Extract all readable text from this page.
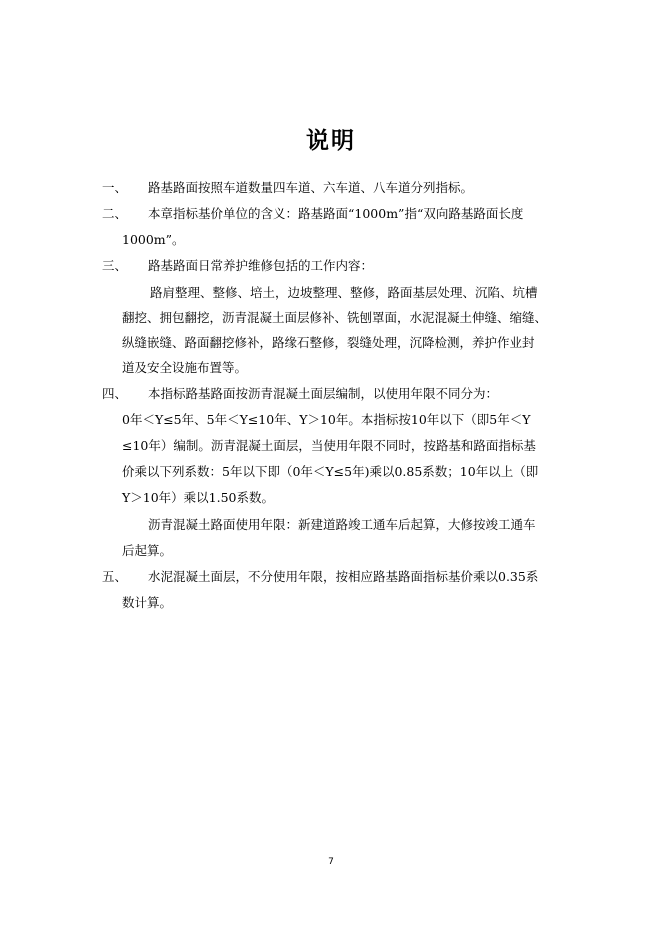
说明
一、 路基路面按照车道数量四车道、六车道、八车道分列指标。
二、 本章指标基价单位的含义：路基路面“1000m”指“双向路基路面长度
1000m”。
三、 路基路面日常养护维修包括的工作内容：
路肩整理、整修、培土，边坡整理、整修，路面基层处理、沉陷、坑槽
翻挖、拥包翻挖，沥青混凝土面层修补、铣刨罩面，水泥混凝土伸缝、缩缝、
纵缝嵌缝、路面翻挖修补，路缘石整修，裂缝处理，沉降检测，养护作业封
道及安全设施布置等。
四、 本指标路基路面按沥青混凝土面层编制，以使用年限不同分为：
0年＜Y≤5年、5年＜Y≤10年、Y＞10年。本指标按10年以下（即5年＜Y
≤10年）编制。沥青混凝土面层，当使用年限不同时，按路基和路面指标基
价乘以下列系数：5年以下即（0年＜Y≤5年)乘以0.85系数；10年以上（即
Y＞10年）乘以1.50系数。
沥青混凝土路面使用年限：新建道路竣工通车后起算，大修按竣工通车
后起算。
五、 水泥混凝土面层，不分使用年限，按相应路基路面指标基价乘以0.35系
数计算。
7
